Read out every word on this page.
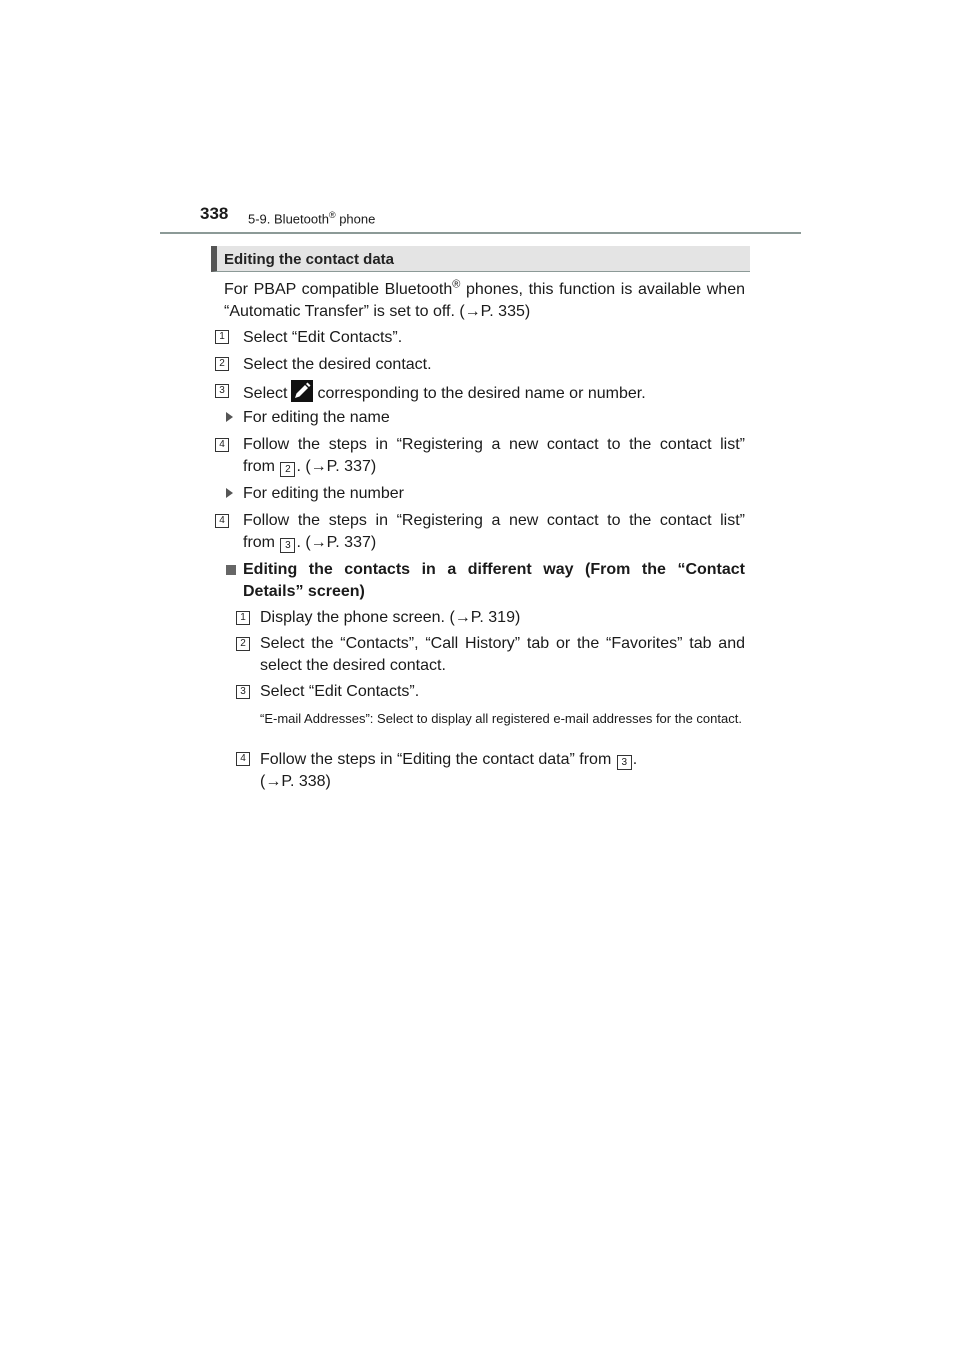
338 5-9. Bluetooth® phone
Editing the contact data
For PBAP compatible Bluetooth® phones, this function is available when “Automatic Transfer” is set to off. (→P. 335)
1 Select “Edit Contacts”.
2 Select the desired contact.
3 Select corresponding to the desired name or number.
For editing the name
4 Follow the steps in “Registering a new contact to the contact list”
from 2 . (→P. 337)
For editing the number
4 Follow the steps in “Registering a new contact to the contact list”
from 3 . (→P. 337)
Editing the contacts in a different way (From the “Contact
Details” screen)
1 Display the phone screen. (→P. 319)
2 Select the “Contacts”, “Call History” tab or the “Favorites” tab and
select the desired contact.
3 Select “Edit Contacts”.
“E-mail Addresses”: Select to display all registered e-mail addresses for the contact.
4 Follow the steps in “Editing the contact data” from 3 .
(→P. 338)
